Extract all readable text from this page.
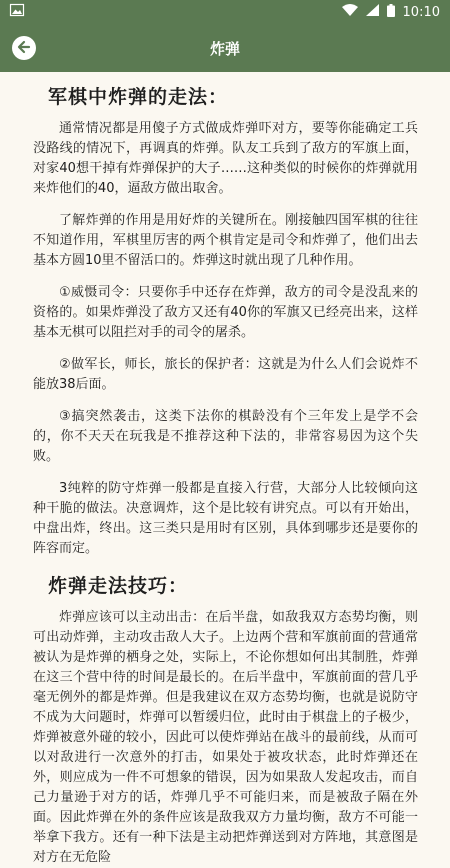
10:10
炸弹
军棋中炸弹的走法：

通常情况都是用傻子方式做成炸弹吓对方，要等你能确定工兵没路线的情况下，再调真的炸弹。队友工兵到了敌方的军旗上面，对家40想干掉有炸弹保护的大子……这种类似的时候你的炸弹就用来炸他们的40，逼敌方做出取舍。

了解炸弹的作用是用好炸的关键所在。刚接触四国军棋的往往不知道作用，军棋里厉害的两个棋肯定是司令和炸弹了，他们出去基本方圆10里不留活口的。炸弹这时就出现了几种作用。

①威慑司令：只要你手中还存在炸弹，敌方的司令是没乱来的资格的。如果炸弹没了敌方又还有40你的军旗又已经亮出来，这样基本无棋可以阻拦对手的司令的屠杀。

②做军长，师长，旅长的保护者：这就是为什么人们会说炸不能放38后面。

③搞突然袭击，这类下法你的棋龄没有个三年发上是学不会的，你不天天在玩我是不推荐这种下法的，非常容易因为这个失败。

3纯粹的防守炸弹一般都是直接入行营，大部分人比较倾向这种干脆的做法。决意调炸，这个是比较有讲究点。可以有开始出，中盘出炸，终出。这三类只是用时有区别，具体到哪步还是要你的阵容而定。

炸弹走法技巧：

炸弹应该可以主动出击：在后半盘，如敌我双方态势均衡，则可出动炸弹，主动攻击敌人大子。上边两个营和军旗前面的营通常被认为是炸弹的栖身之处，实际上，不论你想如何出其制胜，炸弹在这三个营中待的时间是最长的。在后半盘中，军旗前面的营几乎毫无例外的都是炸弹。但是我建议在双方态势均衡，也就是说防守不成为大问题时，炸弹可以暂缓归位，此时由于棋盘上的子极少，炸弹被意外碰的较小，因此可以使炸弹站在战斗的最前线，从而可以对敌进行一次意外的打击，如果处于被攻状态，此时炸弹还在外，则应成为一件不可想象的错误，因为如果敌人发起攻击，而自己力量逊于对方的话，炸弹几乎不可能归来，而是被敌子隔在外面。因此炸弹在外的条件应该是敌我双方力量均衡，敌方不可能一举拿下我方。还有一种下法是主动把炸弹送到对方阵地，其意图是对方在无危险
